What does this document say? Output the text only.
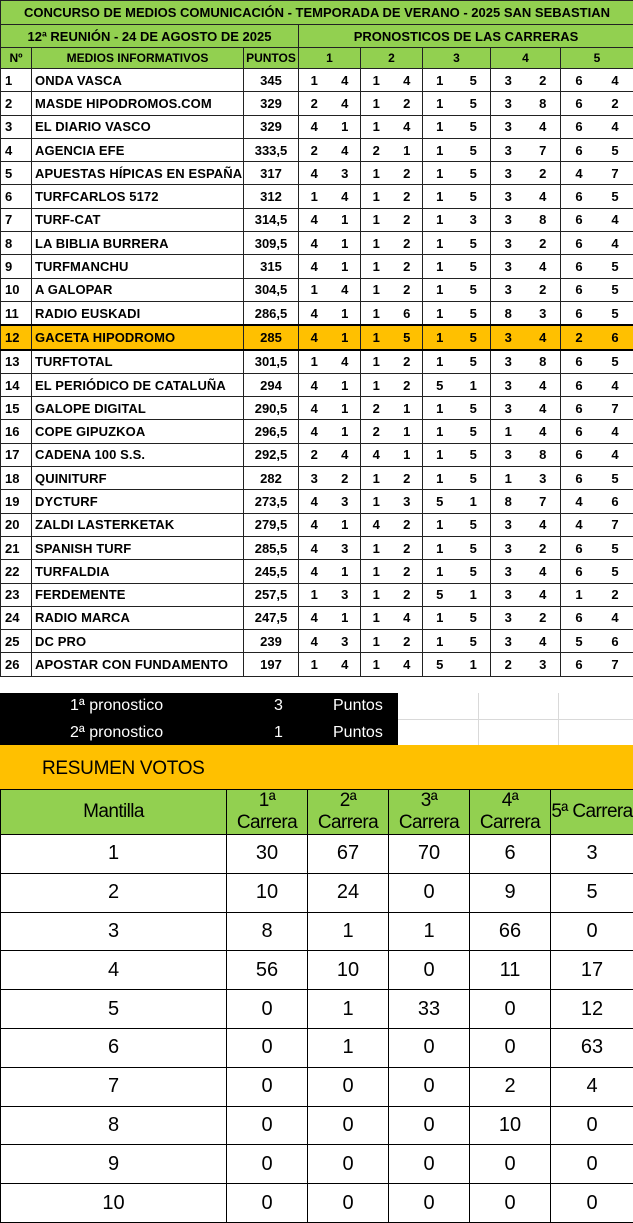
CONCURSO DE MEDIOS COMUNICACIÓN - TEMPORADA DE VERANO - 2025 SAN SEBASTIAN							
12ª REUNIÓN - 24 DE AGOSTO DE 2025			PRONOSTICOS DE LAS CARRERAS				
Nº	MEDIOS INFORMATIVOS	PUNTOS	1	2	3	4	5
1	ONDA VASCA	345	1 4	1 4	1 5	3 2	6 4
2	MASDE HIPODROMOS.COM	329	2 4	1 2	1 5	3 8	6 2
3	EL DIARIO VASCO	329	4 1	1 4	1 5	3 4	6 4
4	AGENCIA EFE	333,5	2 4	2 1	1 5	3 7	6 5
5	APUESTAS HÍPICAS EN ESPAÑA	317	4 3	1 2	1 5	3 2	4 7
6	TURFCARLOS 5172	312	1 4	1 2	1 5	3 4	6 5
7	TURF-CAT	314,5	4 1	1 2	1 3	3 8	6 4
8	LA BIBLIA BURRERA	309,5	4 1	1 2	1 5	3 2	6 4
9	TURFMANCHU	315	4 1	1 2	1 5	3 4	6 5
10	A GALOPAR	304,5	1 4	1 2	1 5	3 2	6 5
11	RADIO EUSKADI	286,5	4 1	1 6	1 5	8 3	6 5
12	GACETA HIPODROMO	285	4 1	1 5	1 5	3 4	2 6
13	TURFTOTAL	301,5	1 4	1 2	1 5	3 8	6 5
14	EL PERIÓDICO DE CATALUÑA	294	4 1	1 2	5 1	3 4	6 4
15	GALOPE DIGITAL	290,5	4 1	2 1	1 5	3 4	6 7
16	COPE GIPUZKOA	296,5	4 1	2 1	1 5	1 4	6 4
17	CADENA 100 S.S.	292,5	2 4	4 1	1 5	3 8	6 4
18	QUINITURF	282	3 2	1 2	1 5	1 3	6 5
19	DYCTURF	273,5	4 3	1 3	5 1	8 7	4 6
20	ZALDI LASTERKETAK	279,5	4 1	4 2	1 5	3 4	4 7
21	SPANISH TURF	285,5	4 3	1 2	1 5	3 2	6 5
22	TURFALDIA	245,5	4 1	1 2	1 5	3 4	6 5
23	FERDEMENTE	257,5	1 3	1 2	5 1	3 4	1 2
24	RADIO MARCA	247,5	4 1	1 4	1 5	3 2	6 4
25	DC PRO	239	4 3	1 2	1 5	3 4	5 6
26	APOSTAR CON FUNDAMENTO	197	1 4	1 4	5 1	2 3	6 7
1ª pronostico	3	Puntos
2ª pronostico	1	Puntos
RESUMEN VOTOS
Mantilla	1ª Carrera	2ª Carrera	3ª Carrera	4ª Carrera	5ª Carrera
1	30	67	70	6	3
2	10	24	0	9	5
3	8	1	1	66	0
4	56	10	0	11	17
5	0	1	33	0	12
6	0	1	0	0	63
7	0	0	0	2	4
8	0	0	0	10	0
9	0	0	0	0	0
10	0	0	0	0	0
